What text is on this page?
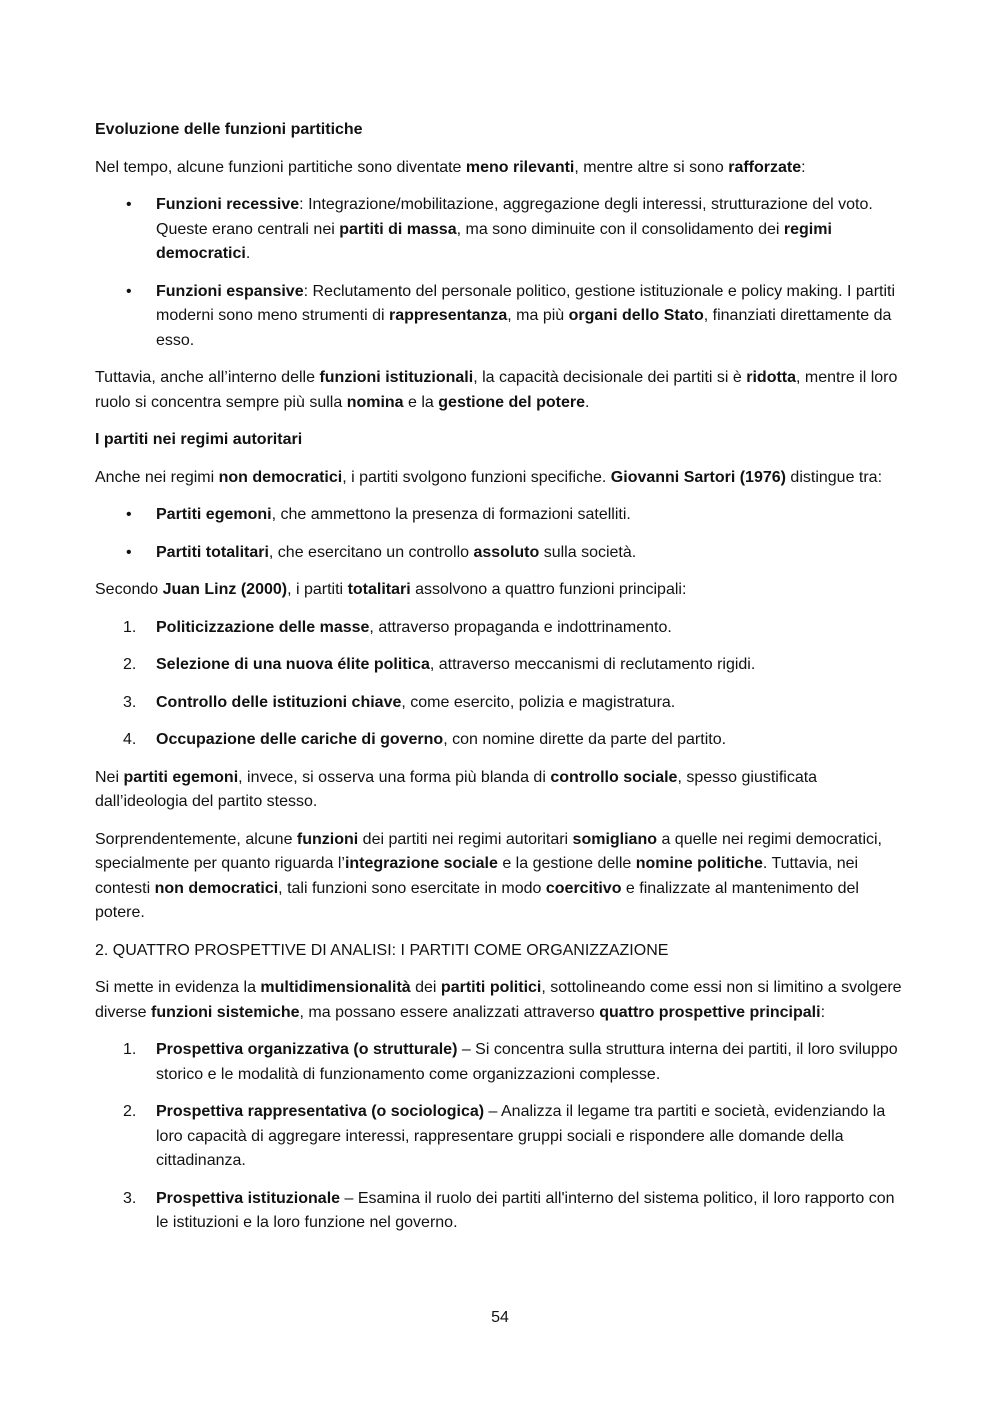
Evoluzione delle funzioni partitiche

Nel tempo, alcune funzioni partitiche sono diventate meno rilevanti, mentre altre si sono rafforzate:

• Funzioni recessive: Integrazione/mobilitazione, aggregazione degli interessi, strutturazione del voto. Queste erano centrali nei partiti di massa, ma sono diminuite con il consolidamento dei regimi democratici.
• Funzioni espansive: Reclutamento del personale politico, gestione istituzionale e policy making. I partiti moderni sono meno strumenti di rappresentanza, ma più organi dello Stato, finanziati direttamente da esso.

Tuttavia, anche all’interno delle funzioni istituzionali, la capacità decisionale dei partiti si è ridotta, mentre il loro ruolo si concentra sempre più sulla nomina e la gestione del potere.

I partiti nei regimi autoritari

Anche nei regimi non democratici, i partiti svolgono funzioni specifiche. Giovanni Sartori (1976) distingue tra:

• Partiti egemoni, che ammettono la presenza di formazioni satelliti.
• Partiti totalitari, che esercitano un controllo assoluto sulla società.

Secondo Juan Linz (2000), i partiti totalitari assolvono a quattro funzioni principali:

1. Politicizzazione delle masse, attraverso propaganda e indottrinamento.
2. Selezione di una nuova élite politica, attraverso meccanismi di reclutamento rigidi.
3. Controllo delle istituzioni chiave, come esercito, polizia e magistratura.
4. Occupazione delle cariche di governo, con nomine dirette da parte del partito.

Nei partiti egemoni, invece, si osserva una forma più blanda di controllo sociale, spesso giustificata dall’ideologia del partito stesso.

Sorprendentemente, alcune funzioni dei partiti nei regimi autoritari somigliano a quelle nei regimi democratici, specialmente per quanto riguarda l’integrazione sociale e la gestione delle nomine politiche. Tuttavia, nei contesti non democratici, tali funzioni sono esercitate in modo coercitivo e finalizzate al mantenimento del potere.

2. QUATTRO PROSPETTIVE DI ANALISI: I PARTITI COME ORGANIZZAZIONE

Si mette in evidenza la multidimensionalità dei partiti politici, sottolineando come essi non si limitino a svolgere diverse funzioni sistemiche, ma possano essere analizzati attraverso quattro prospettive principali:

1. Prospettiva organizzativa (o strutturale) – Si concentra sulla struttura interna dei partiti, il loro sviluppo storico e le modalità di funzionamento come organizzazioni complesse.
2. Prospettiva rappresentativa (o sociologica) – Analizza il legame tra partiti e società, evidenziando la loro capacità di aggregare interessi, rappresentare gruppi sociali e rispondere alle domande della cittadinanza.
3. Prospettiva istituzionale – Esamina il ruolo dei partiti all'interno del sistema politico, il loro rapporto con le istituzioni e la loro funzione nel governo.
54
